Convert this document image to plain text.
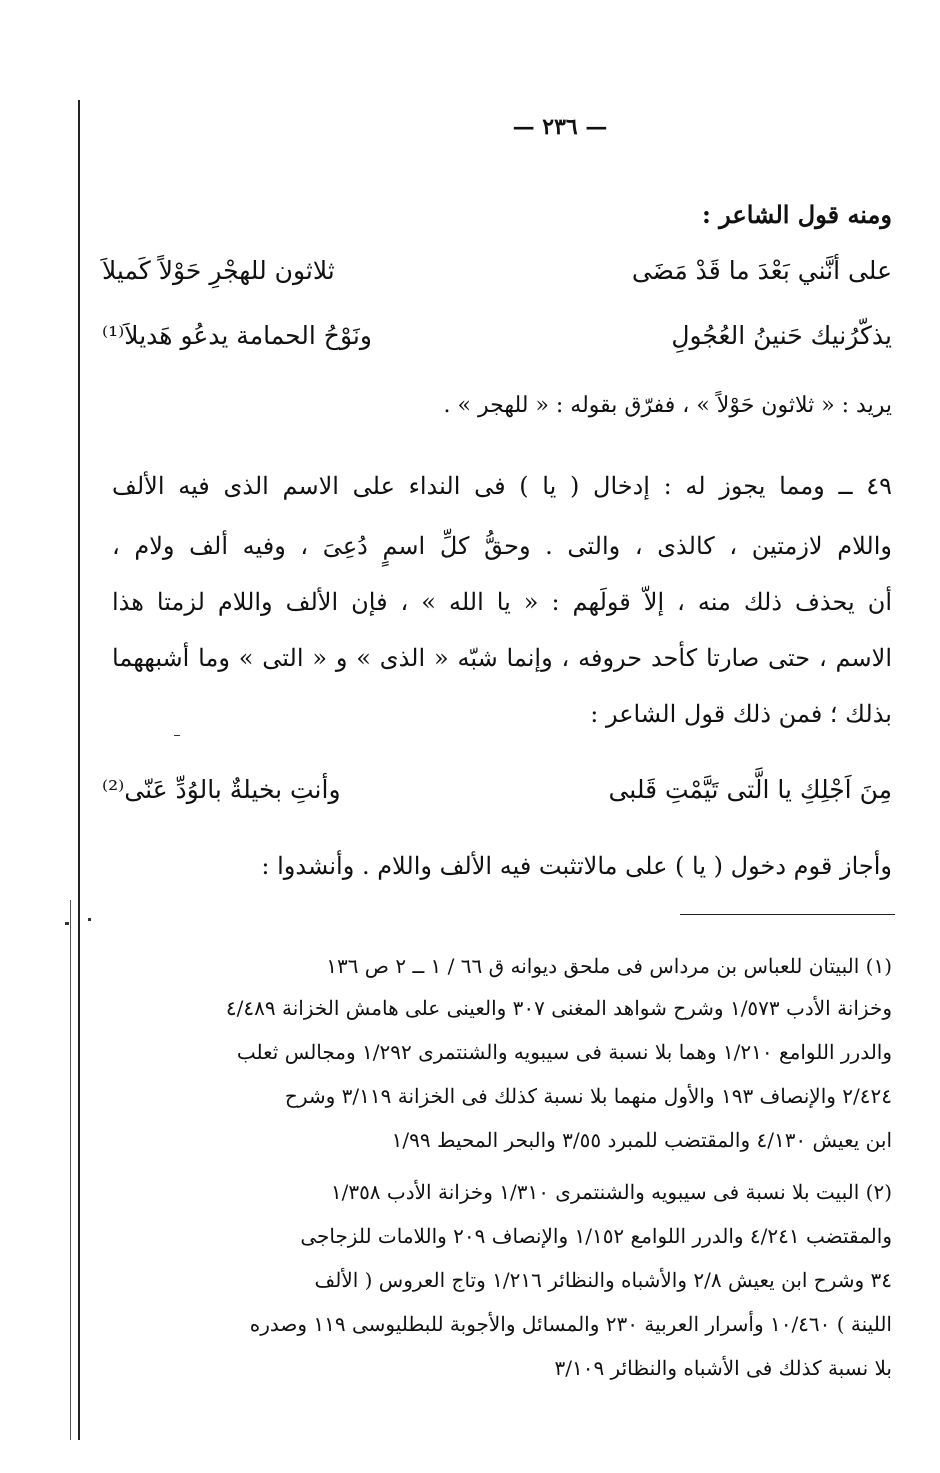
— ٢٣٦ —
ومنه قول الشاعر :
على أنَّني بَعْدَ ما قَدْ مَضَىثلاثون للهجْرِ حَوْلاً كَميلاَ
يذكّرُنيك حَنينُ العُجُولِونَوْحُ الحمامة يدعُو هَديلاَ⁽¹⁾
يريد : « ثلاثون حَوْلاً » ، ففرّق بقوله : « للهجر » .
٤٩ ــ ومما يجوز له : إدخال ( يا ) فى النداء على الاسم الذى فيه الألف
واللام لازمتين ، كالذى ، والتى . وحقُّ كلِّ اسمٍ دُعِىَ ، وفيه ألف ولام ،
أن يحذف ذلك منه ، إلاّ قولَهم : « يا الله » ، فإن الألف واللام لزمتا هذا
الاسم ، حتى صارتا كأحد حروفه ، وإنما شبّه « الذى » و « التى » وما أشبههما
بذلك ؛ فمن ذلك قول الشاعر :
مِنَ اَجْلِكِ يا الَّتى تَيَّمْتِ قَلبىوأنتِ بخيلةٌ بالوُدِّ عَنّى⁽²⁾
وأجاز قوم دخول ( يا ) على مالاتثبت فيه الألف واللام . وأنشدوا :
(١) البيتان للعباس بن مرداس فى ملحق ديوانه ق ٦٦ / ١ ــ ٢ ص ١٣٦
وخزانة الأدب ١/٥٧٣ وشرح شواهد المغنى ٣٠٧ والعينى على هامش الخزانة ٤/٤٨٩
والدرر اللوامع ١/٢١٠ وهما بلا نسبة فى سيبويه والشنتمرى ١/٢٩٢ ومجالس ثعلب
٢/٤٢٤ والإنصاف ١٩٣ والأول منهما بلا نسبة كذلك فى الخزانة ٣/١١٩ وشرح
ابن يعيش ٤/١٣٠ والمقتضب للمبرد ٣/٥٥ والبحر المحيط ١/٩٩
(٢) البيت بلا نسبة فى سيبويه والشنتمرى ١/٣١٠ وخزانة الأدب ١/٣٥٨
والمقتضب ٤/٢٤١ والدرر اللوامع ١/١٥٢ والإنصاف ٢٠٩ واللامات للزجاجى
٣٤ وشرح ابن يعيش ٢/٨ والأشباه والنظائر ١/٢١٦ وتاج العروس ( الألف
اللينة ) ١٠/٤٦٠ وأسرار العربية ٢٣٠ والمسائل والأجوبة للبطليوسى ١١٩ وصدره
بلا نسبة كذلك فى الأشباه والنظائر ٣/١٠٩
